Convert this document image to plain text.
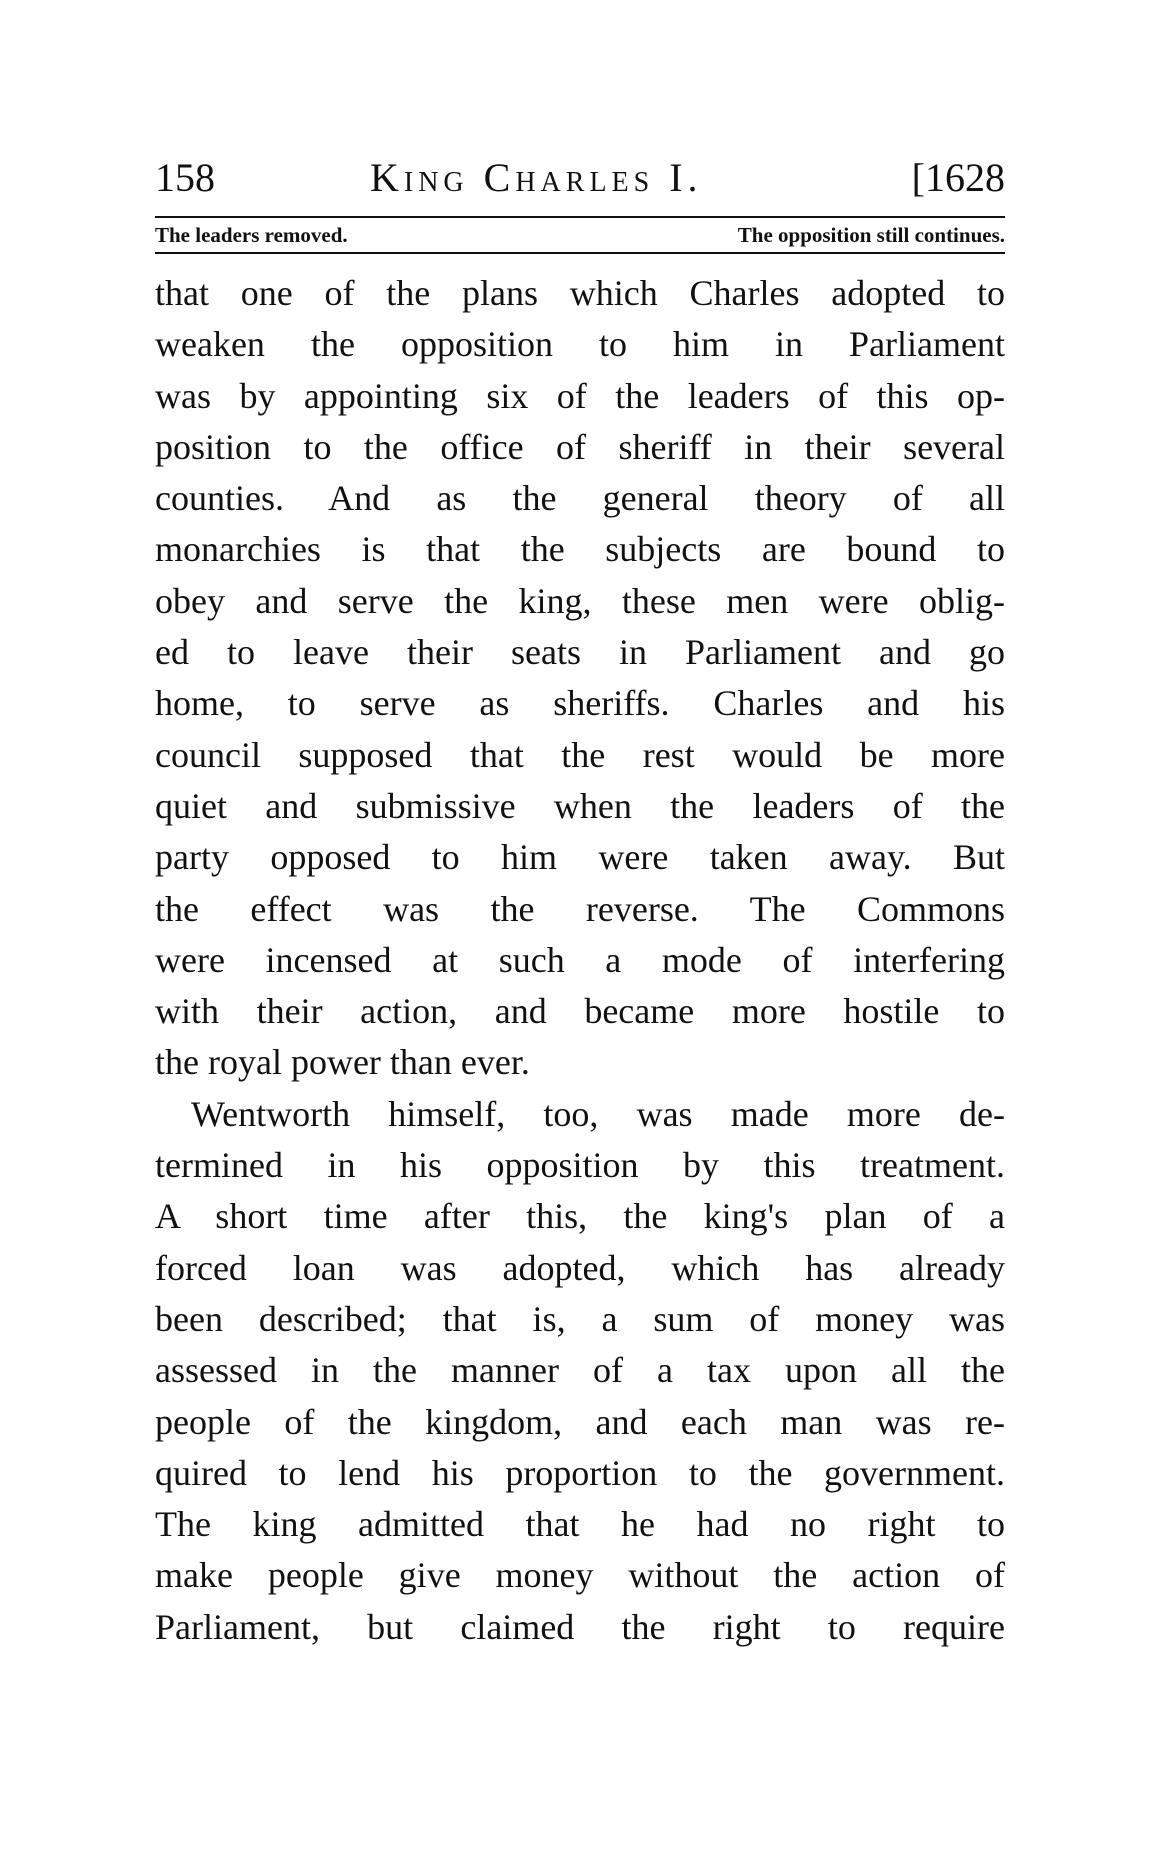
158	King Charles I.	[1628
The leaders removed.	The opposition still continues.
that one of the plans which Charles adopted to
weaken the opposition to him in Parliament
was by appointing six of the leaders of this op-
position to the office of sheriff in their several
counties. And as the general theory of all
monarchies is that the subjects are bound to
obey and serve the king, these men were oblig-
ed to leave their seats in Parliament and go
home, to serve as sheriffs. Charles and his
council supposed that the rest would be more
quiet and submissive when the leaders of the
party opposed to him were taken away. But
the effect was the reverse. The Commons
were incensed at such a mode of interfering
with their action, and became more hostile to
the royal power than ever.
Wentworth himself, too, was made more de-
termined in his opposition by this treatment.
A short time after this, the king's plan of a
forced loan was adopted, which has already
been described; that is, a sum of money was
assessed in the manner of a tax upon all the
people of the kingdom, and each man was re-
quired to lend his proportion to the government.
The king admitted that he had no right to
make people give money without the action of
Parliament, but claimed the right to require
